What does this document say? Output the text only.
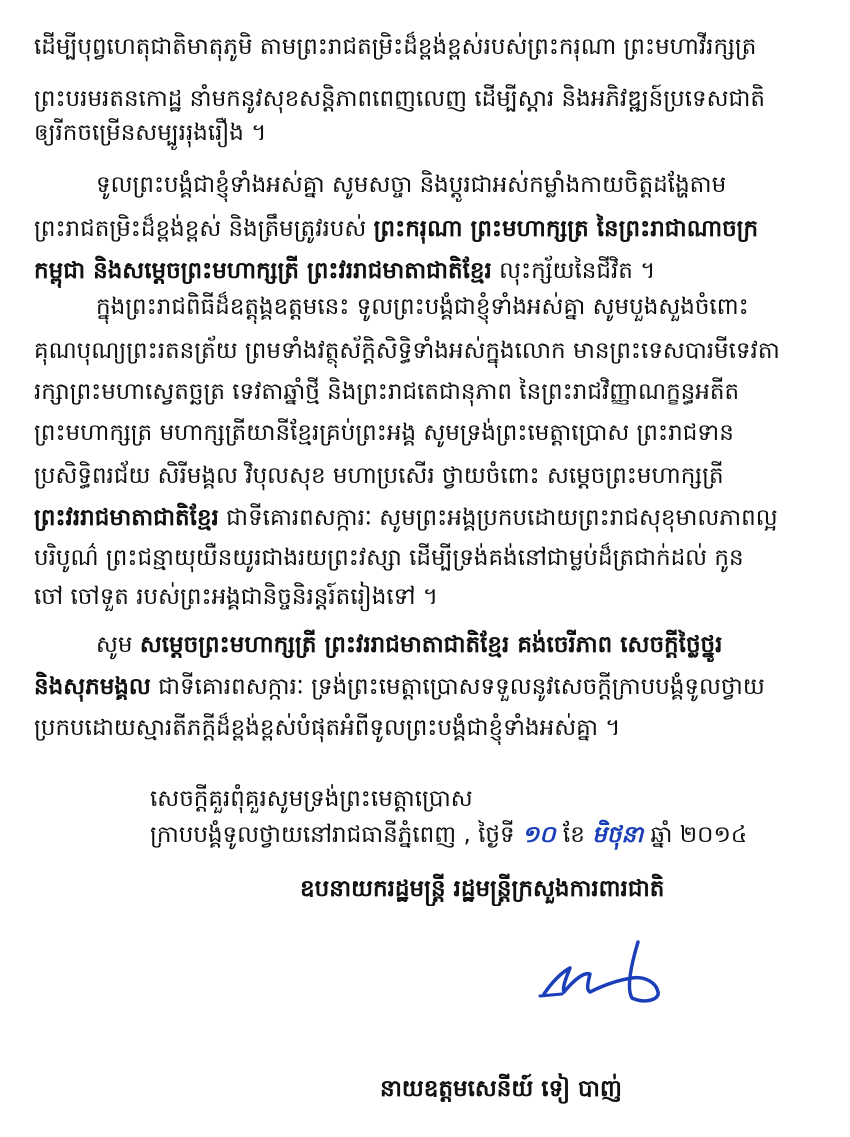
ដើម្បីបុព្វហេតុជាតិមាតុភូមិ តាមព្រះរាជតម្រិះដ៏ខ្ពង់ខ្ពស់របស់ព្រះករុណា ព្រះមហាវីរក្សត្រ
ព្រះបរមរតនកោដ្ឋ នាំមកនូវសុខសន្តិភាពពេញលេញ ដើម្បីស្តារ និងអភិវឌ្ឍន៍ប្រទេសជាតិ
ឲ្យរីកចម្រើនសម្បូររុងរឿង ។
ទូលព្រះបង្គំជាខ្ញុំទាំងអស់គ្នា សូមសច្ចា និងប្តូរជាអស់កម្លាំងកាយចិត្តដង្ហែតាម
ព្រះរាជតម្រិះដ៏ខ្ពង់ខ្ពស់ និងត្រឹមត្រូវរបស់ ព្រះករុណា ព្រះមហាក្សត្រ នៃព្រះរាជាណាចក្រ
កម្ពុជា និងសម្តេចព្រះមហាក្សត្រី ព្រះវររាជមាតាជាតិខ្មែរ លុះក្ស័យនៃជីវិត ។
ក្នុងព្រះរាជពិធីដ៏ឧត្តុង្គឧត្តមនេះ ទូលព្រះបង្គំជាខ្ញុំទាំងអស់គ្នា សូមបួងសួងចំពោះ
គុណបុណ្យព្រះរតនត្រ័យ ព្រមទាំងវត្ថុស័ក្តិសិទ្ធិទាំងអស់ក្នុងលោក មានព្រះទេសបារមីទេវតា
រក្សាព្រះមហាស្វេតច្ឆត្រ ទេវតាឆ្នាំថ្មី និងព្រះរាជតេជានុភាព នៃព្រះរាជវិញ្ញាណក្ខន្ធអតីត
ព្រះមហាក្សត្រ មហាក្សត្រីយានីខ្មែរគ្រប់ព្រះអង្គ សូមទ្រង់ព្រះមេត្តាប្រោស ព្រះរាជទាន
ប្រសិទ្ធិពរជ័យ សិរីមង្គល វិបុលសុខ មហាប្រសើរ ថ្វាយចំពោះ សម្តេចព្រះមហាក្សត្រី
ព្រះវររាជមាតាជាតិខ្មែរ ជាទីគោរពសក្ការៈ សូមព្រះអង្គប្រកបដោយព្រះរាជសុខុមាលភាពល្អ
បរិបូណ៌ ព្រះជន្មាយុយឺនយូរជាងរយព្រះវស្សា ដើម្បីទ្រង់គង់នៅជាម្លប់ដ៏ត្រជាក់ដល់ កូន
ចៅ ចៅទួត របស់ព្រះអង្គជានិច្ចនិរន្តរ៍តរៀងទៅ ។
សូម សម្តេចព្រះមហាក្សត្រី ព្រះវររាជមាតាជាតិខ្មែរ គង់ចេរីភាព សេចក្តីថ្លៃថ្នូរ
និងសុភមង្គល ជាទីគោរពសក្ការៈ ទ្រង់ព្រះមេត្តាប្រោសទទួលនូវសេចក្តីក្រាបបង្គំទូលថ្វាយ
ប្រកបដោយស្មារតីភក្តីដ៏ខ្ពង់ខ្ពស់បំផុតអំពីទូលព្រះបង្គំជាខ្ញុំទាំងអស់គ្នា ។
សេចក្តីគួរពុំគួរសូមទ្រង់ព្រះមេត្តាប្រោស
ក្រាបបង្គំទូលថ្វាយនៅរាជធានីភ្នំពេញ , ថ្ងៃទី ១០ ខែ មិថុនា ឆ្នាំ ២០១៤
ឧបនាយករដ្ឋមន្ត្រី រដ្ឋមន្ត្រីក្រសួងការពារជាតិ
នាយឧត្តមសេនីយ៍ ទៀ បាញ់
